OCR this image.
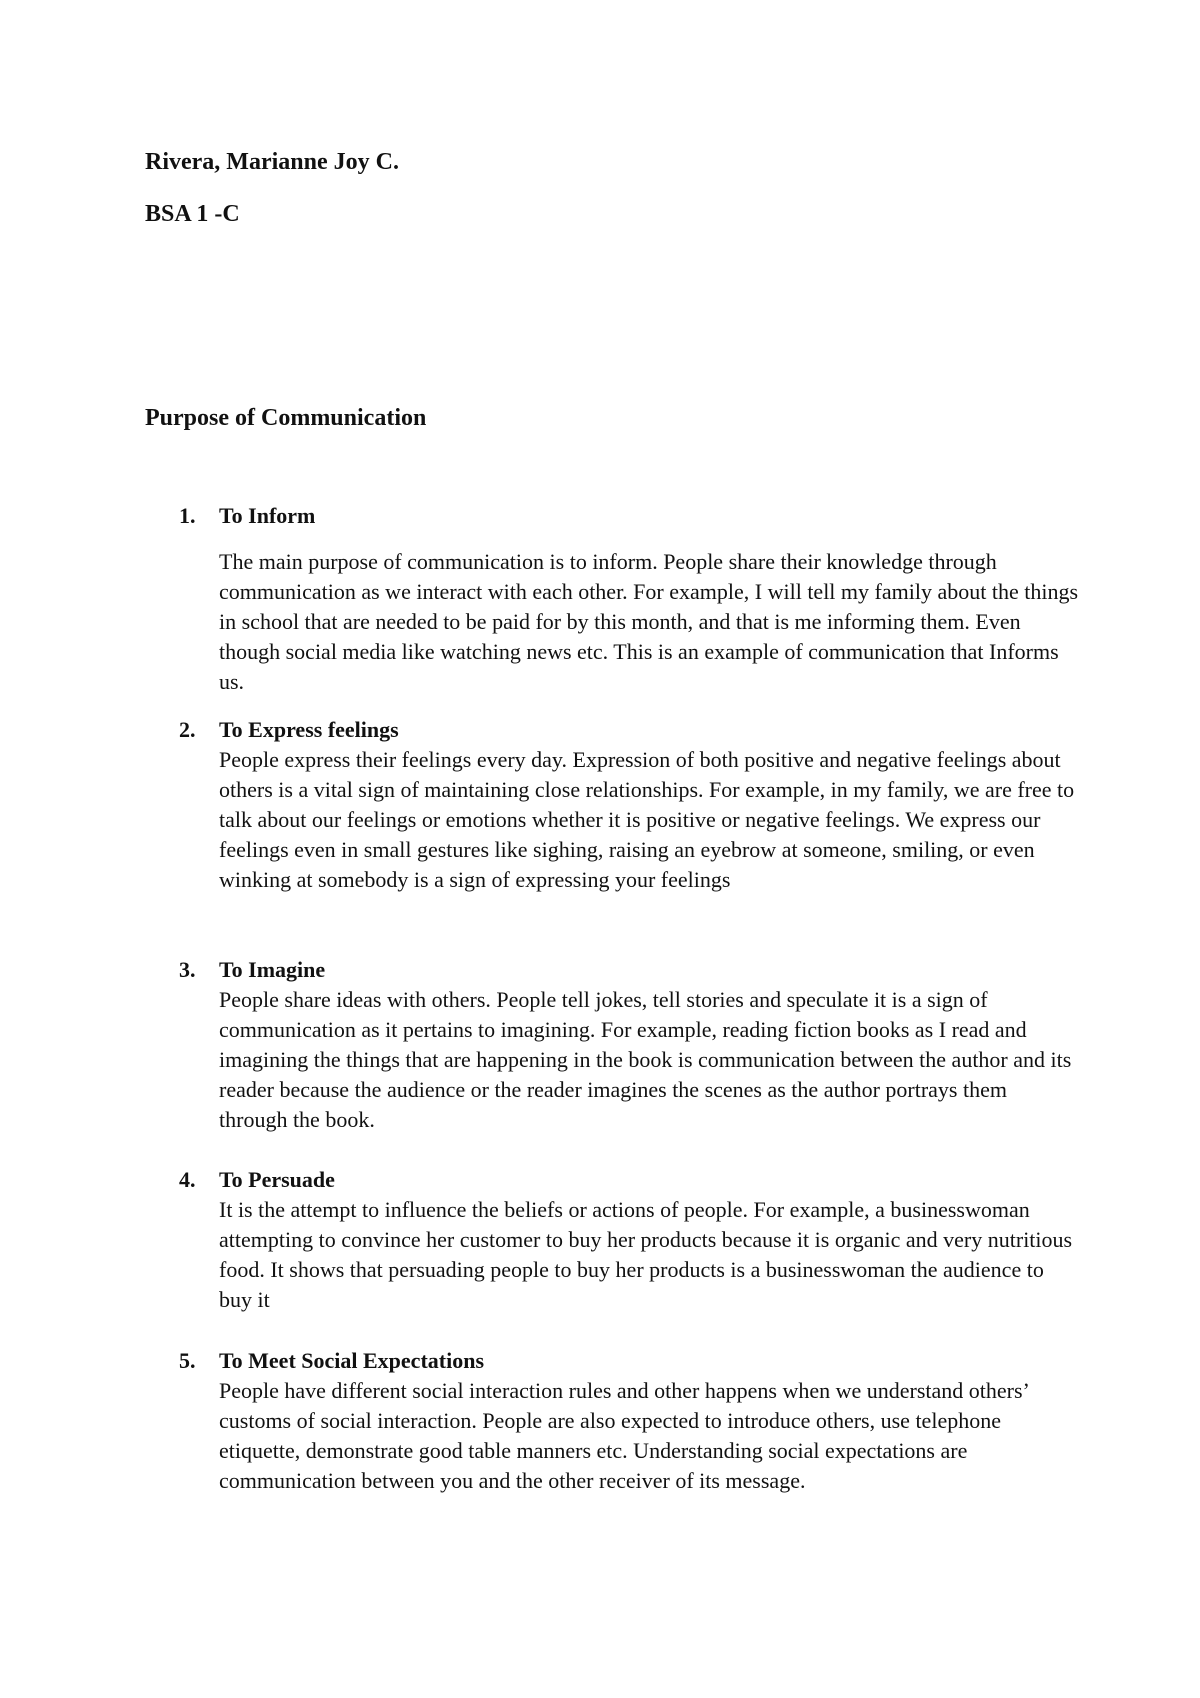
Rivera, Marianne Joy C.
BSA 1 -C
Purpose of Communication
1. To Inform

The main purpose of communication is to inform. People share their knowledge through communication as we interact with each other. For example, I will tell my family about the things in school that are needed to be paid for by this month, and that is me informing them. Even though social media like watching news etc. This is an example of communication that Informs us.

2. To Express feelings

People express their feelings every day. Expression of both positive and negative feelings about others is a vital sign of maintaining close relationships. For example, in my family, we are free to talk about our feelings or emotions whether it is positive or negative feelings. We express our feelings even in small gestures like sighing, raising an eyebrow at someone, smiling, or even winking at somebody is a sign of expressing your feelings

3. To Imagine

People share ideas with others. People tell jokes, tell stories and speculate it is a sign of communication as it pertains to imagining. For example, reading fiction books as I read and imagining the things that are happening in the book is communication between the author and its reader because the audience or the reader imagines the scenes as the author portrays them through the book.

4. To Persuade

It is the attempt to influence the beliefs or actions of people. For example, a businesswoman attempting to convince her customer to buy her products because it is organic and very nutritious food. It shows that persuading people to buy her products is a businesswoman the audience to buy it

5. To Meet Social Expectations

People have different social interaction rules and other happens when we understand others’ customs of social interaction. People are also expected to introduce others, use telephone etiquette, demonstrate good table manners etc. Understanding social expectations are communication between you and the other receiver of its message.
